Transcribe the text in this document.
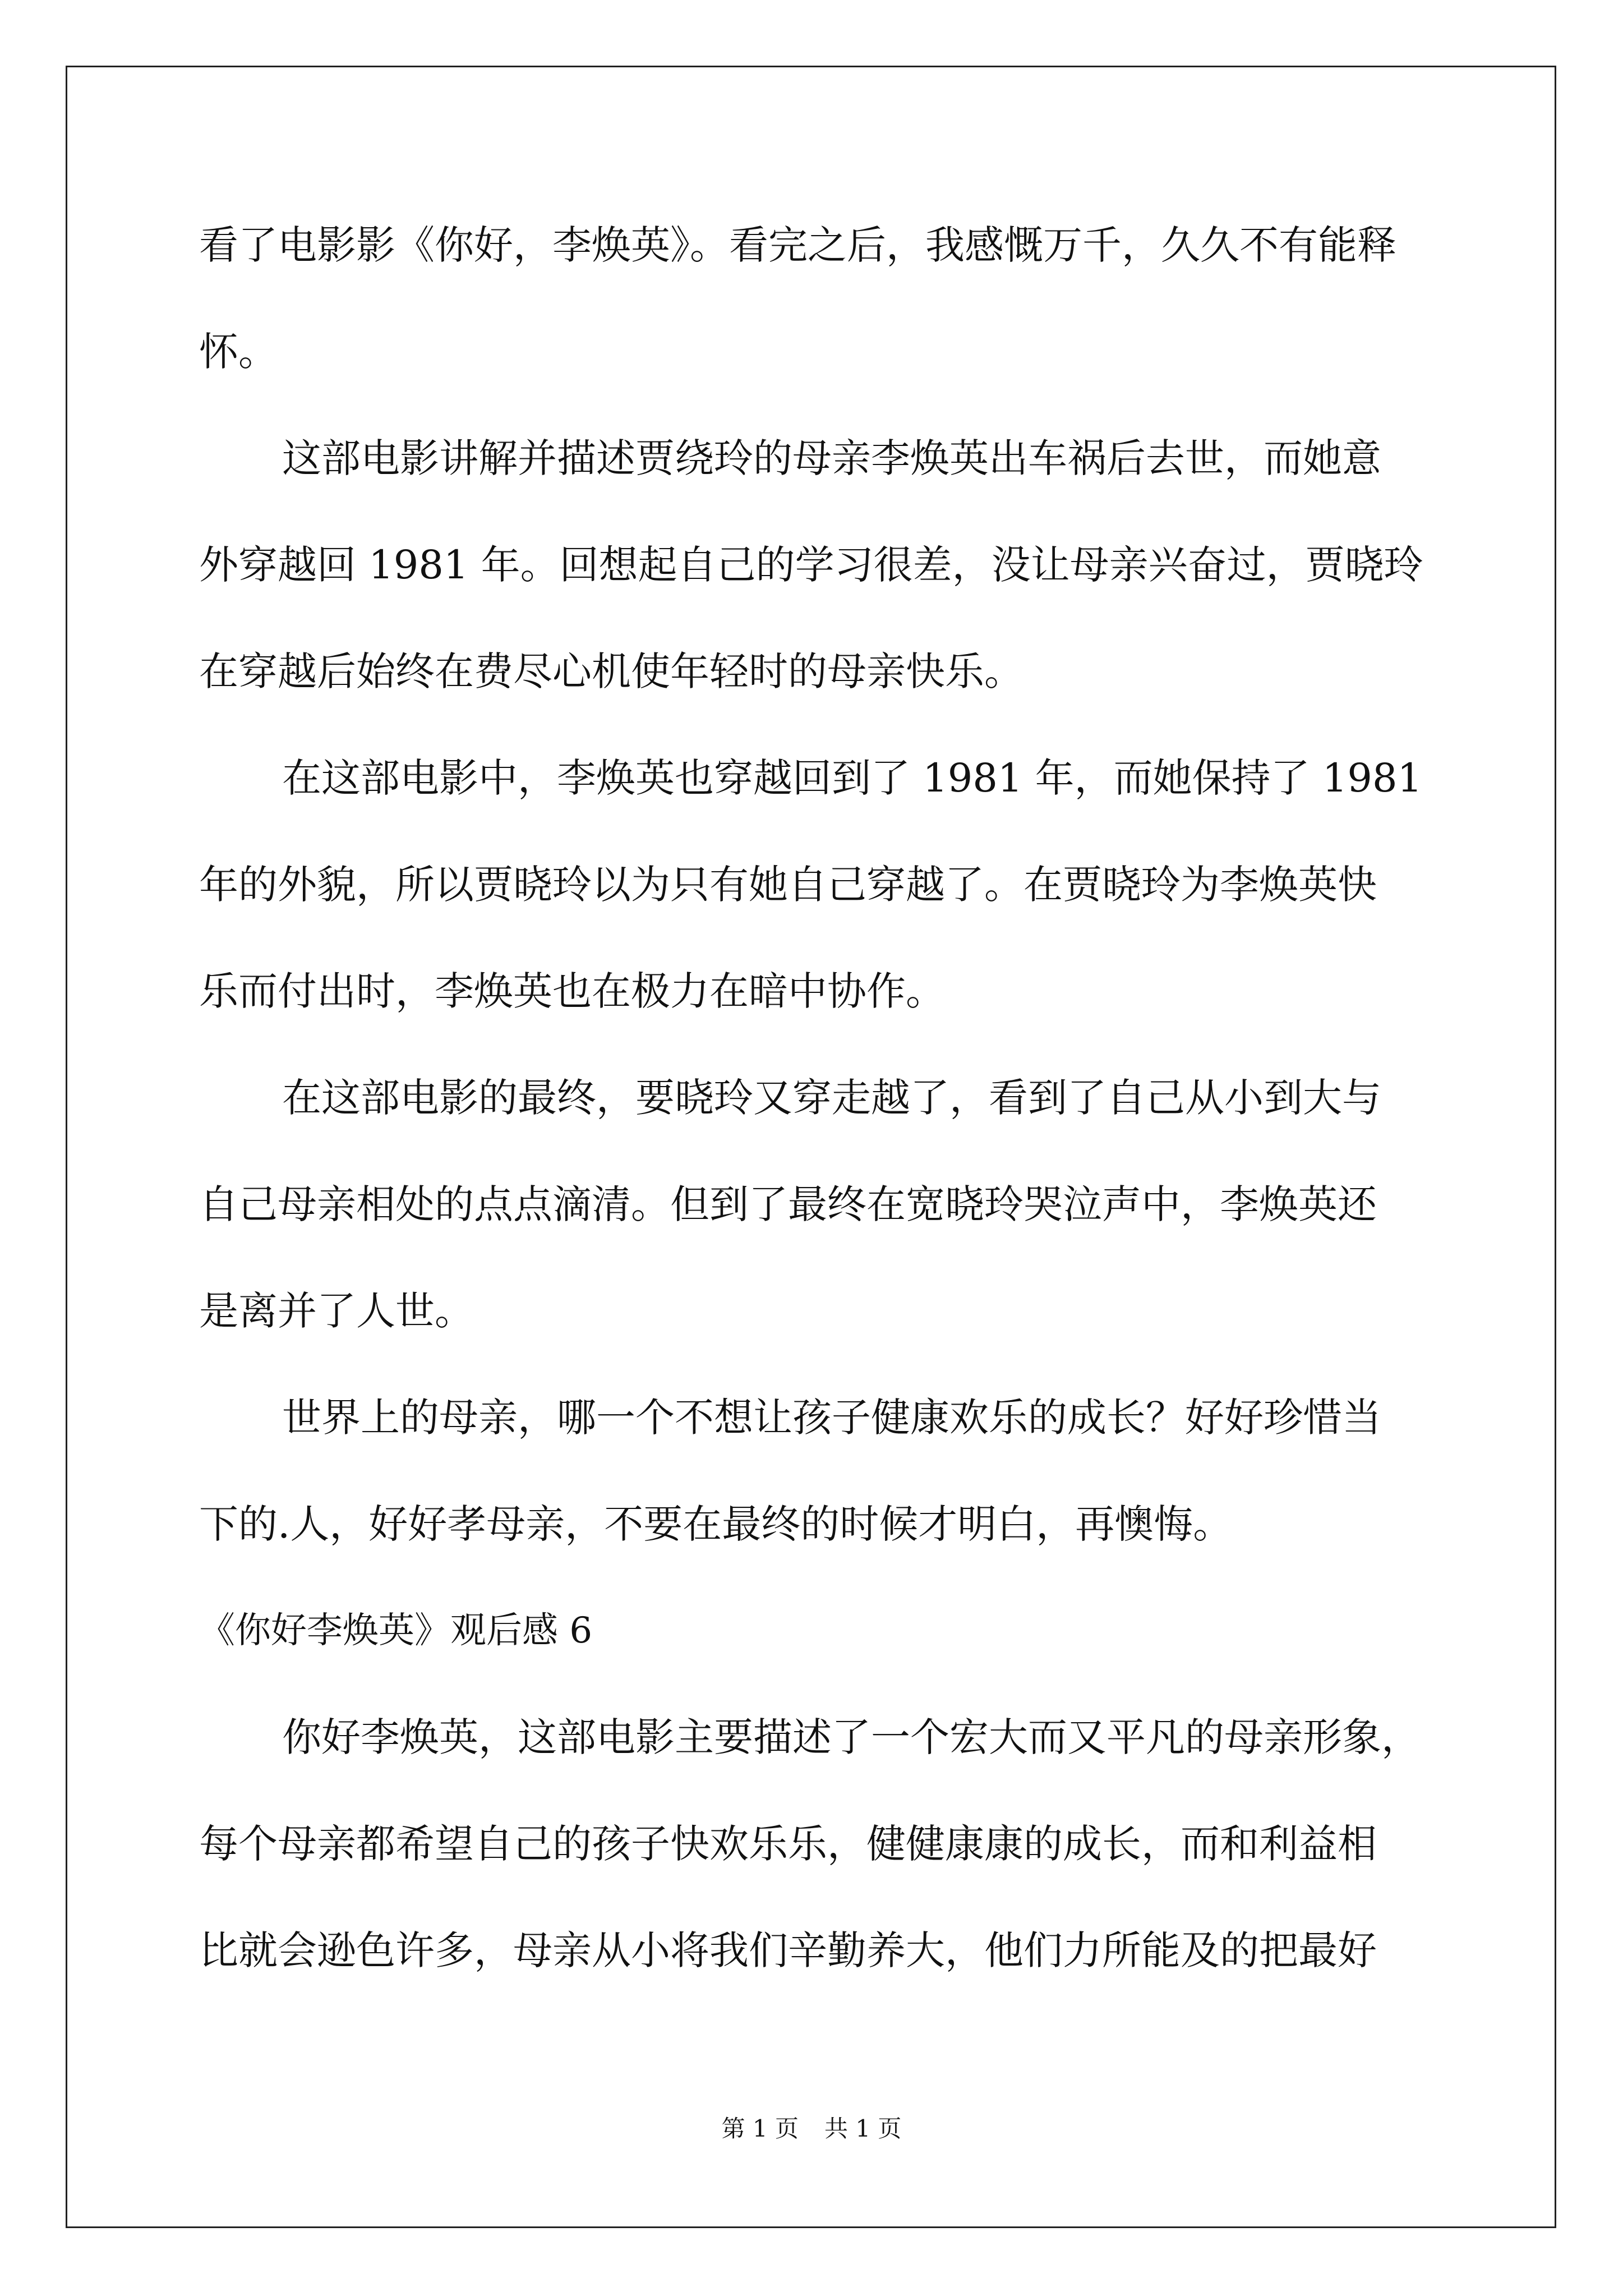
看了电影影《你好，李焕英》。看完之后，我感慨万千，久久不有能释
怀。
这部电影讲解并描述贾绕玲的母亲李焕英出车祸后去世，而她意
外穿越回 1981 年。回想起自己的学习很差，没让母亲兴奋过，贾晓玲
在穿越后始终在费尽心机使年轻时的母亲快乐。
在这部电影中，李焕英也穿越回到了 1981 年，而她保持了 1981
年的外貌，所以贾晓玲以为只有她自己穿越了。在贾晓玲为李焕英快
乐而付出时，李焕英也在极力在暗中协作。
在这部电影的最终，要晓玲又穿走越了，看到了自己从小到大与
自己母亲相处的点点滴清。但到了最终在宽晓玲哭泣声中，李焕英还
是离并了人世。
世界上的母亲，哪一个不想让孩子健康欢乐的成长？好好珍惜当
下的.人，好好孝母亲，不要在最终的时候才明白，再懊悔。
《你好李焕英》观后感 6
你好李焕英，这部电影主要描述了一个宏大而又平凡的母亲形象，
每个母亲都希望自己的孩子快欢乐乐，健健康康的成长，而和利益相
比就会逊色许多，母亲从小将我们辛勤养大，他们力所能及的把最好
第 1 页 共 1 页
